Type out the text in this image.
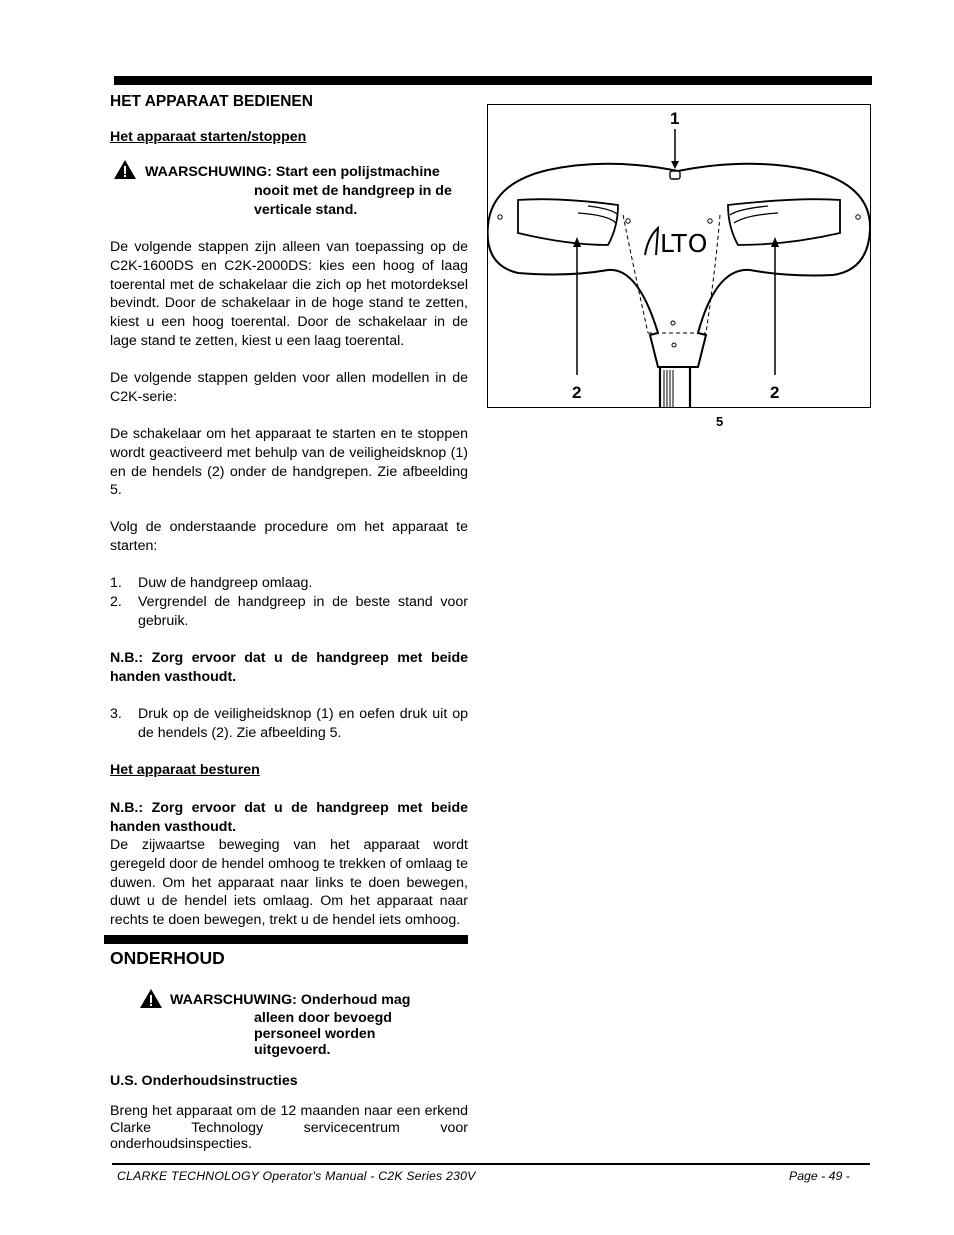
HET APPARAAT BEDIENEN
Het apparaat starten/stoppen
WAARSCHUWING: Start een polijstmachine
nooit met de handgreep in de
verticale stand.
De volgende stappen zijn alleen van toepassing op de C2K-1600DS en C2K-2000DS: kies een hoog of laag toerental met de schakelaar die zich op het motordeksel bevindt. Door de schakelaar in de hoge stand te zetten, kiest u een hoog toerental. Door de schakelaar in de lage stand te zetten, kiest u een laag toerental.
De volgende stappen gelden voor allen modellen in de C2K-serie:
De schakelaar om het apparaat te starten en te stoppen wordt geactiveerd met behulp van de veiligheidsknop (1) en de hendels (2) onder de handgrepen. Zie afbeelding 5.
Volg de onderstaande procedure om het apparaat te starten:
1. Duw de handgreep omlaag.
2. Vergrendel de handgreep in de beste stand voor gebruik.
N.B.: Zorg ervoor dat u de handgreep met beide handen vasthoudt.
3. Druk op de veiligheidsknop (1) en oefen druk uit op de hendels (2). Zie afbeelding 5.
Het apparaat besturen
N.B.: Zorg ervoor dat u de handgreep met beide handen vasthoudt.
De zijwaartse beweging van het apparaat wordt geregeld door de hendel omhoog te trekken of omlaag te duwen. Om het apparaat naar links te doen bewegen, duwt u de hendel iets omlaag. Om het apparaat naar rechts te doen bewegen, trekt u de hendel iets omhoog.
ONDERHOUD
WAARSCHUWING: Onderhoud mag
alleen door bevoegd
personeel worden
uitgevoerd.
U.S. Onderhoudsinstructies
Breng het apparaat om de 12 maanden naar een erkend Clarke Technology servicecentrum voor onderhoudsinspecties.
1
2	2
LTO
5
CLARKE TECHNOLOGY Operator's Manual - C2K Series 230V	Page - 49 -
